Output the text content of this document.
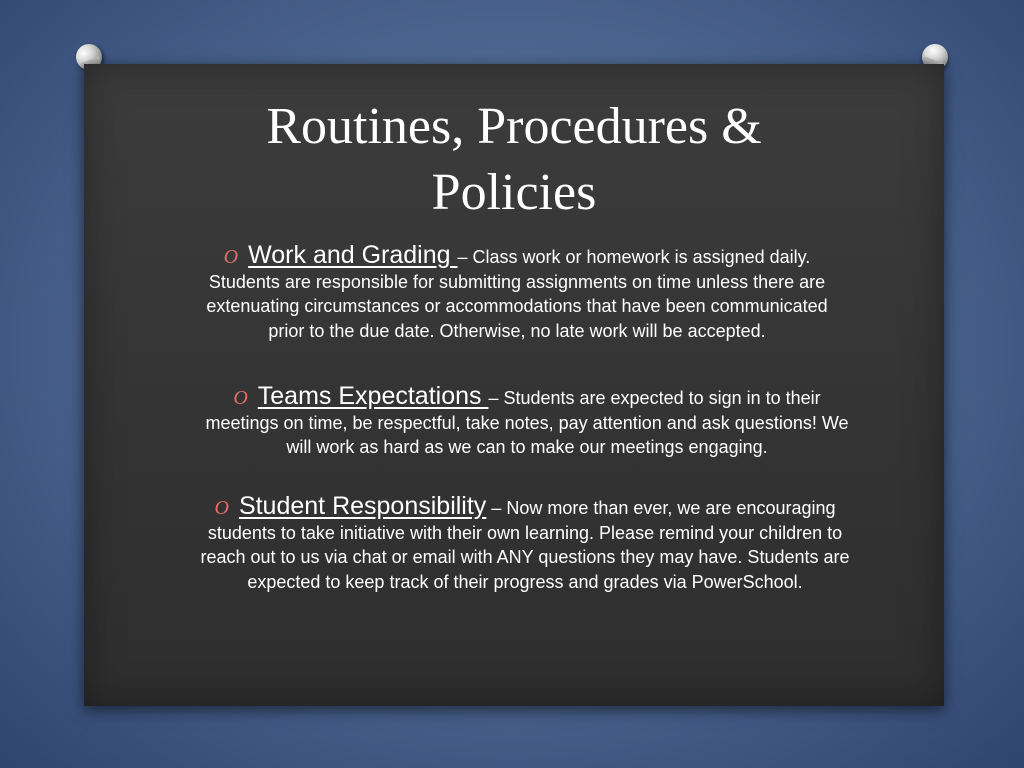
Routines, Procedures &
Policies
O Work and Grading – Class work or homework is assigned daily. Students are responsible for submitting assignments on time unless there are extenuating circumstances or accommodations that have been communicated prior to the due date. Otherwise, no late work will be accepted.
O Teams Expectations – Students are expected to sign in to their meetings on time, be respectful, take notes, pay attention and ask questions! We will work as hard as we can to make our meetings engaging.
O Student Responsibility – Now more than ever, we are encouraging students to take initiative with their own learning. Please remind your children to reach out to us via chat or email with ANY questions they may have. Students are expected to keep track of their progress and grades via PowerSchool.
